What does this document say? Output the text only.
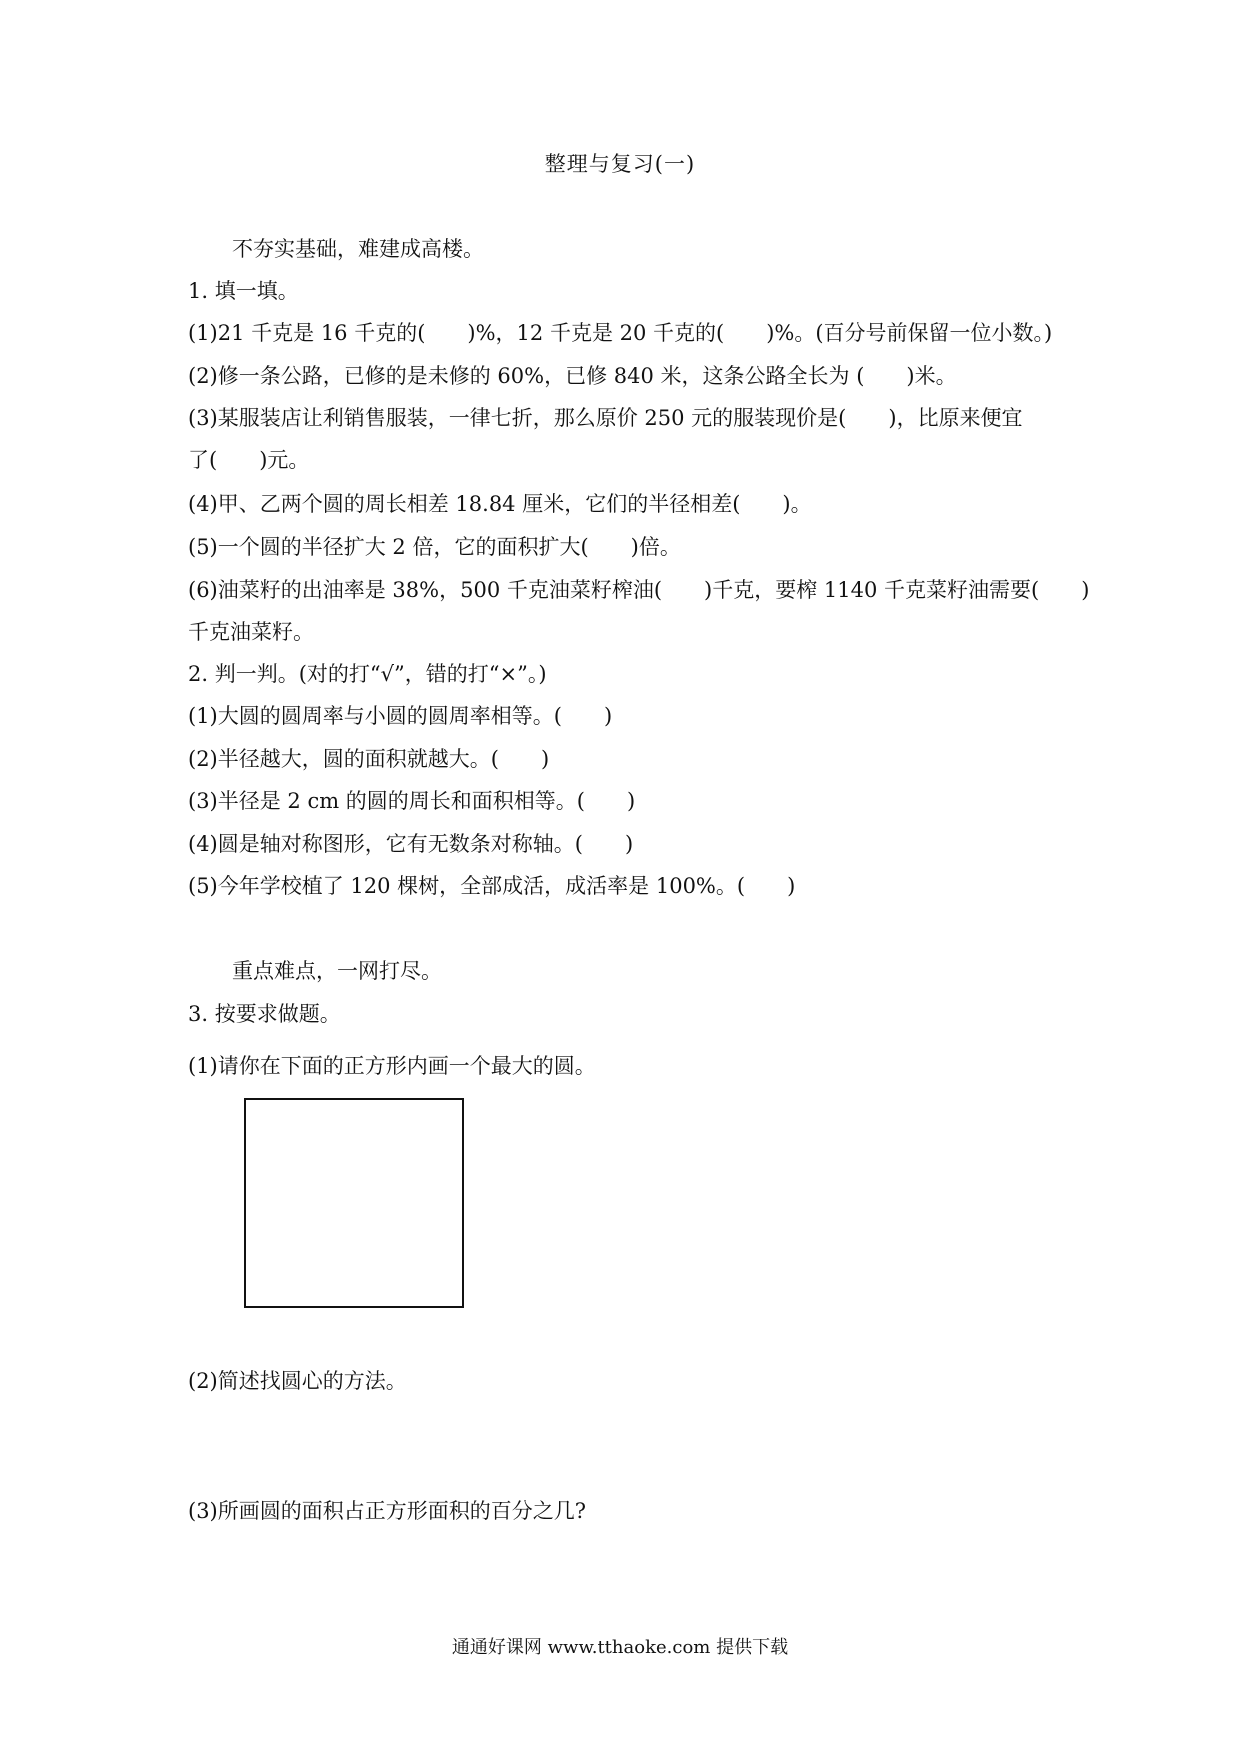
整理与复习(一)
不夯实基础，难建成高楼。
1. 填一填。
(1)21 千克是 16 千克的(　　)%，12 千克是 20 千克的(　　)%。(百分号前保留一位小数。)
(2)修一条公路，已修的是未修的 60%，已修 840 米，这条公路全长为 (　　)米。
(3)某服装店让利销售服装，一律七折，那么原价 250 元的服装现价是(　　)，比原来便宜
了(　　)元。
(4)甲、乙两个圆的周长相差 18.84 厘米，它们的半径相差(　　)。
(5)一个圆的半径扩大 2 倍，它的面积扩大(　　)倍。
(6)油菜籽的出油率是 38%，500 千克油菜籽榨油(　　)千克，要榨 1140 千克菜籽油需要(　　)
千克油菜籽。
2. 判一判。(对的打“√”，错的打“×”。)
(1)大圆的圆周率与小圆的圆周率相等。(　　)
(2)半径越大，圆的面积就越大。(　　)
(3)半径是 2 cm 的圆的周长和面积相等。(　　)
(4)圆是轴对称图形，它有无数条对称轴。(　　)
(5)今年学校植了 120 棵树，全部成活，成活率是 100%。(　　)
重点难点，一网打尽。
3. 按要求做题。
(1)请你在下面的正方形内画一个最大的圆。
(2)简述找圆心的方法。
(3)所画圆的面积占正方形面积的百分之几?
通通好课网 www.tthaoke.com 提供下载
